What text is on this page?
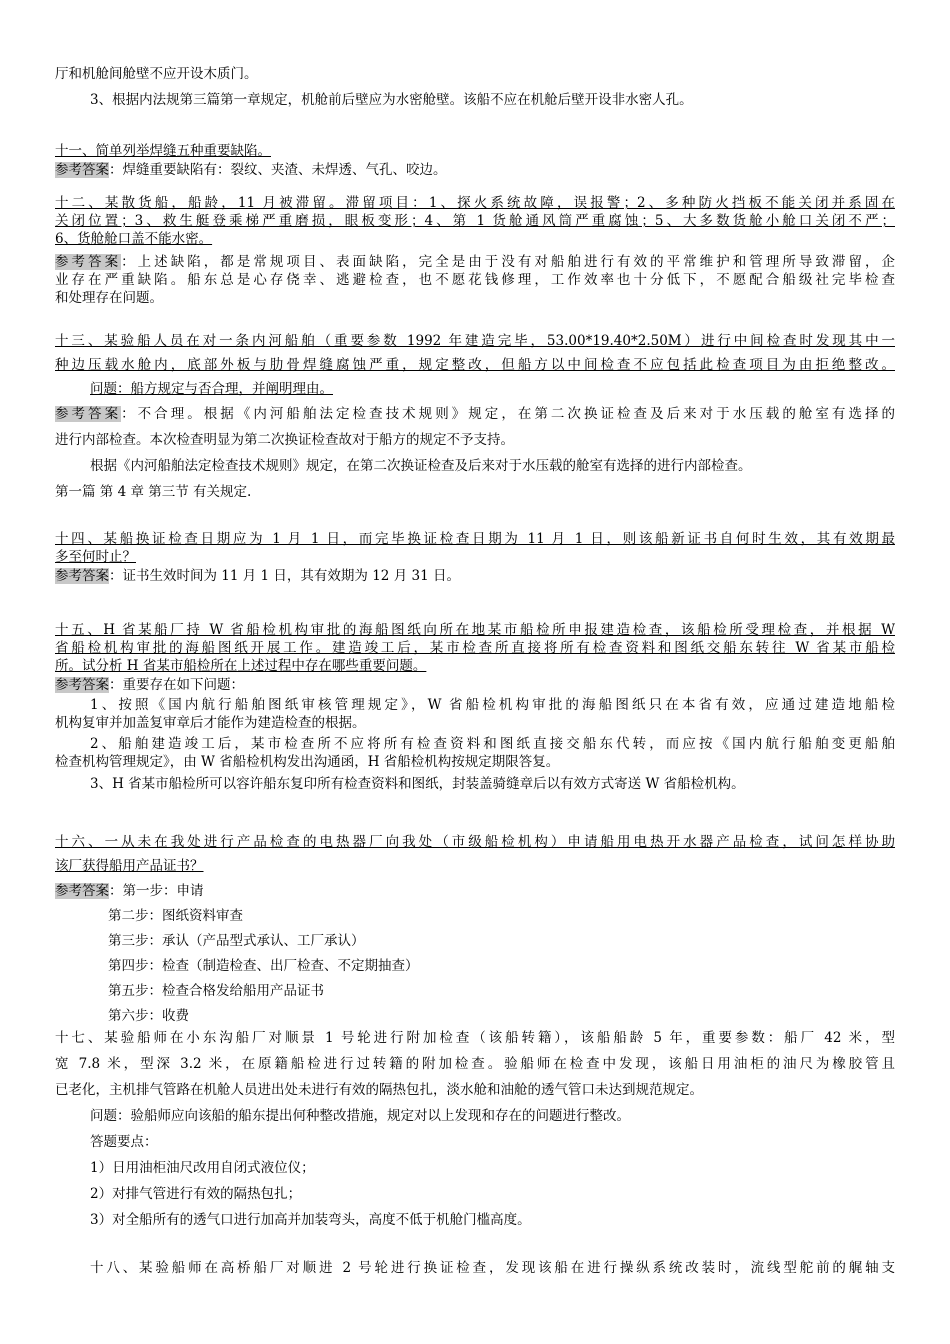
厅和机舱间舱壁不应开设木质门。
3、根据内法规第三篇第一章规定，机舱前后壁应为水密舱壁。该船不应在机舱后壁开设非水密人孔。
十一、简单列举焊缝五种重要缺陷。
参考答案：焊缝重要缺陷有：裂纹、夹渣、未焊透、气孔、咬边。
十二、某散货船，船龄，11 月被滞留。滞留项目：1、探火系统故障，误报警；2、多种防火挡板不能关闭并系固在
关闭位置；3、救生艇登乘梯严重磨损，眼板变形；4、第 1 货舱通风筒严重腐蚀；5、大多数货舱小舱口关闭不严；
6、货舱舱口盖不能水密。
参考答案：上述缺陷，都是常规项目、表面缺陷，完全是由于没有对船舶进行有效的平常维护和管理所导致滞留，企
业存在严重缺陷。船东总是心存侥幸、逃避检查，也不愿花钱修理，工作效率也十分低下，不愿配合船级社完毕检查
和处理存在问题。
十三、某验船人员在对一条内河船舶（重要参数 1992 年建造完毕，53.00*19.40*2.50M）进行中间检查时发现其中一
种边压载水舱内，底部外板与肋骨焊缝腐蚀严重，规定整改，但船方以中间检查不应包括此检查项目为由拒绝整改。
问题：船方规定与否合理，并阐明理由。
参考答案：不合理。根据《内河船舶法定检查技术规则》规定，在第二次换证检查及后来对于水压载的舱室有选择的
进行内部检查。本次检查明显为第二次换证检查故对于船方的规定不予支持。
根据《内河船舶法定检查技术规则》规定，在第二次换证检查及后来对于水压载的舱室有选择的进行内部检查。
第一篇 第 4 章 第三节 有关规定.
十四、某船换证检查日期应为 1 月 1 日，而完毕换证检查日期为 11 月 1 日，则该船新证书自何时生效，其有效期最
多至何时止？
参考答案：证书生效时间为 11 月 1 日，其有效期为 12 月 31 日。
十五、H 省某船厂持 W 省船检机构审批的海船图纸向所在地某市船检所申报建造检查，该船检所受理检查，并根据 W
省船检机构审批的海船图纸开展工作。建造竣工后，某市检查所直接将所有检查资料和图纸交船东转往 W 省某市船检
所。试分析 H 省某市船检所在上述过程中存在哪些重要问题。
参考答案：重要存在如下问题：
1、按照《国内航行船舶图纸审核管理规定》，W 省船检机构审批的海船图纸只在本省有效，应通过建造地船检
机构复审并加盖复审章后才能作为建造检查的根据。
2、船舶建造竣工后，某市检查所不应将所有检查资料和图纸直接交船东代转，而应按《国内航行船舶变更船舶
检查机构管理规定》，由 W 省船检机构发出沟通函，H 省船检机构按规定期限答复。
3、H 省某市船检所可以容许船东复印所有检查资料和图纸，封装盖骑缝章后以有效方式寄送 W 省船检机构。
十六、一从未在我处进行产品检查的电热器厂向我处（市级船检机构）申请船用电热开水器产品检查，试问怎样协助
该厂获得船用产品证书？
参考答案：第一步：申请
第二步：图纸资料审查
第三步：承认（产品型式承认、工厂承认）
第四步：检查（制造检查、出厂检查、不定期抽查）
第五步：检查合格发给船用产品证书
第六步：收费
十七、某验船师在小东沟船厂对顺景 1 号轮进行附加检查（该船转籍），该船船龄 5 年，重要参数：船厂 42 米，型
宽 7.8 米，型深 3.2 米，在原籍船检进行过转籍的附加检查。验船师在检查中发现，该船日用油柜的油尺为橡胶管且
已老化，主机排气管路在机舱人员进出处未进行有效的隔热包扎，淡水舱和油舱的透气管口未达到规范规定。
问题：验船师应向该船的船东提出何种整改措施，规定对以上发现和存在的问题进行整改。
答题要点：
1）日用油柜油尺改用自闭式液位仪；
2）对排气管进行有效的隔热包扎；
3）对全船所有的透气口进行加高并加装弯头，高度不低于机舱门槛高度。
十八、某验船师在高桥船厂对顺进 2 号轮进行换证检查，发现该船在进行操纵系统改装时，流线型舵前的艉轴支
